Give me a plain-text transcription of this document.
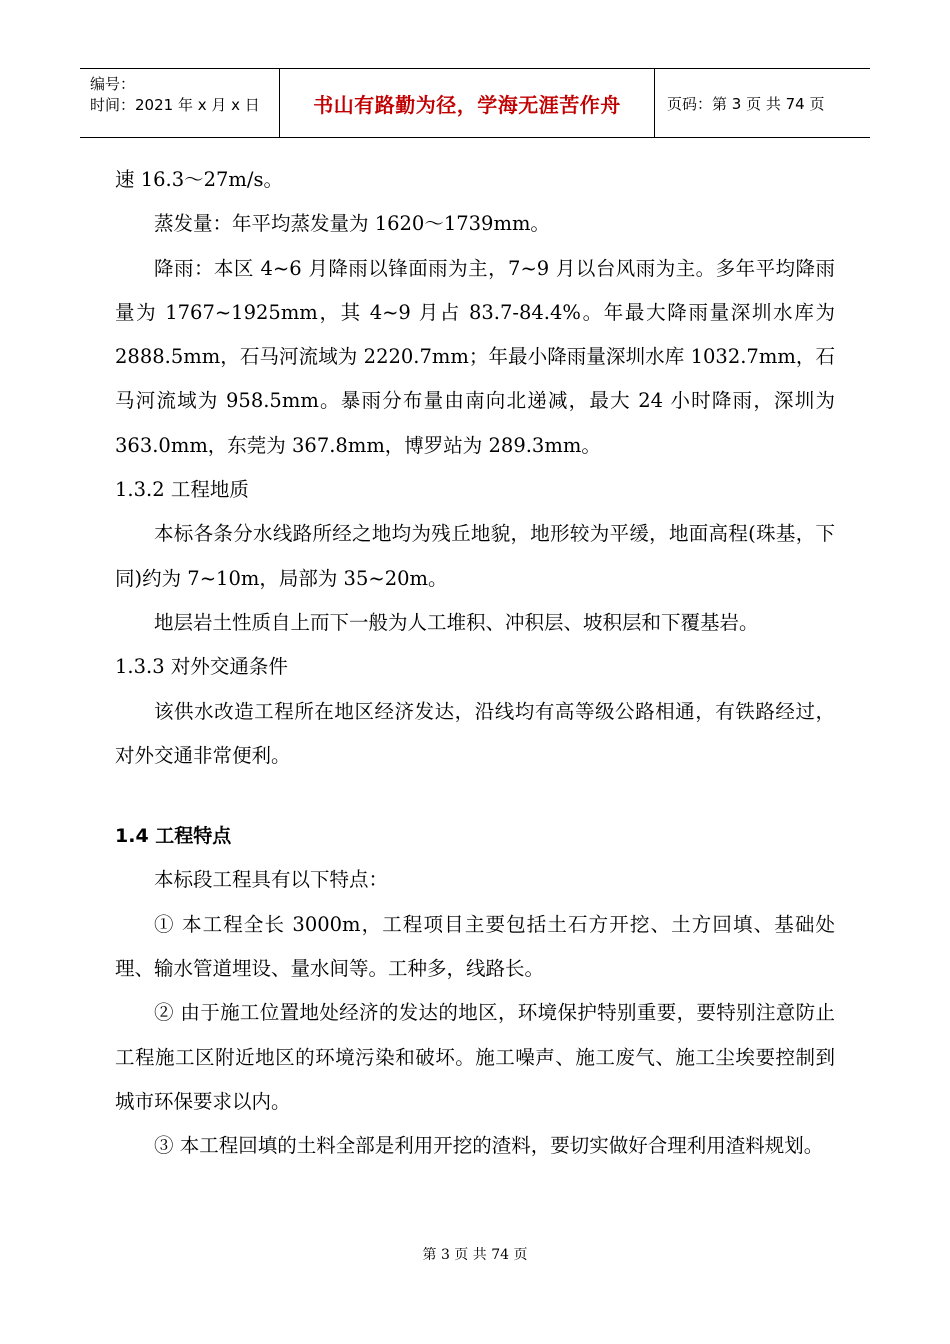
编号：
时间：2021 年 x 月 x 日	书山有路勤为径，学海无涯苦作舟	页码：第 3 页 共 74 页

速 16.3～27m/s。

蒸发量：年平均蒸发量为 1620～1739mm。

降雨：本区 4~6 月降雨以锋面雨为主，7~9 月以台风雨为主。多年平均降雨量为 1767~1925mm，其 4~9 月占 83.7-84.4%。年最大降雨量深圳水库为 2888.5mm，石马河流域为 2220.7mm；年最小降雨量深圳水库 1032.7mm，石马河流域为 958.5mm。暴雨分布量由南向北递减，最大 24 小时降雨，深圳为 363.0mm，东莞为 367.8mm，博罗站为 289.3mm。

1.3.2 工程地质

本标各条分水线路所经之地均为残丘地貌，地形较为平缓，地面高程(珠基，下同)约为 7~10m，局部为 35~20m。

地层岩土性质自上而下一般为人工堆积、冲积层、坡积层和下覆基岩。

1.3.3 对外交通条件

该供水改造工程所在地区经济发达，沿线均有高等级公路相通，有铁路经过，对外交通非常便利。

1.4 工程特点

本标段工程具有以下特点：

① 本工程全长 3000m，工程项目主要包括土石方开挖、土方回填、基础处理、输水管道埋设、量水间等。工种多，线路长。

② 由于施工位置地处经济的发达的地区，环境保护特别重要，要特别注意防止工程施工区附近地区的环境污染和破坏。施工噪声、施工废气、施工尘埃要控制到城市环保要求以内。

③ 本工程回填的土料全部是利用开挖的渣料，要切实做好合理利用渣料规划。

第 3 页 共 74 页
